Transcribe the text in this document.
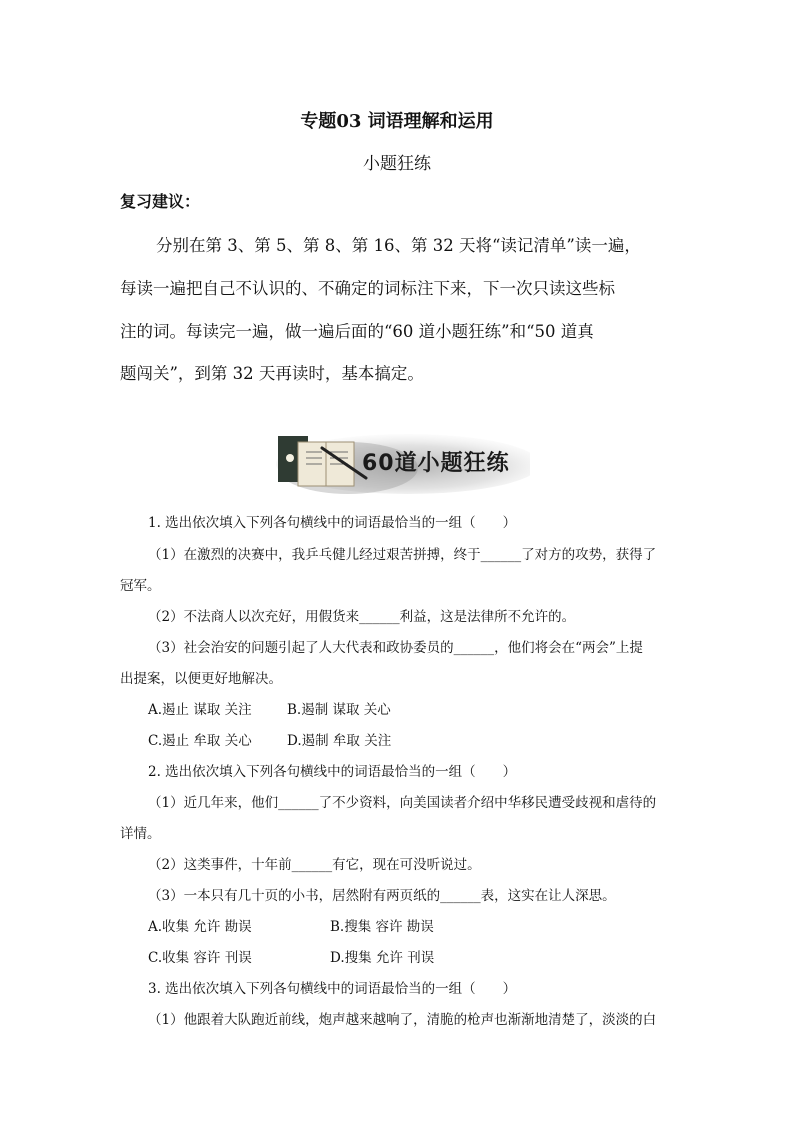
专题03 词语理解和运用
小题狂练
复习建议：
分别在第 3、第 5、第 8、第 16、第 32 天将“读记清单”读一遍，
每读一遍把自己不认识的、不确定的词标注下来，下一次只读这些标
注的词。每读完一遍，做一遍后面的“60 道小题狂练”和“50 道真
题闯关”，到第 32 天再读时，基本搞定。
60道小题狂练
1. 选出依次填入下列各句横线中的词语最恰当的一组（　　）
（1）在激烈的决赛中，我乒乓健儿经过艰苦拼搏，终于______了对方的攻势，获得了
冠军。
（2）不法商人以次充好，用假货来______利益，这是法律所不允许的。
（3）社会治安的问题引起了人大代表和政协委员的______，他们将会在“两会”上提
出提案，以便更好地解决。
A.遏止 谋取 关注	B.遏制 谋取 关心
C.遏止 牟取 关心	D.遏制 牟取 关注
2. 选出依次填入下列各句横线中的词语最恰当的一组（　　）
（1）近几年来，他们______了不少资料，向美国读者介绍中华移民遭受歧视和虐待的
详情。
（2）这类事件，十年前______有它，现在可没听说过。
（3）一本只有几十页的小书，居然附有两页纸的______表，这实在让人深思。
A.收集 允许 勘误	B.搜集 容许 勘误
C.收集 容许 刊误	D.搜集 允许 刊误
3. 选出依次填入下列各句横线中的词语最恰当的一组（　　）
（1）他跟着大队跑近前线，炮声越来越响了，清脆的枪声也渐渐地清楚了，淡淡的白
